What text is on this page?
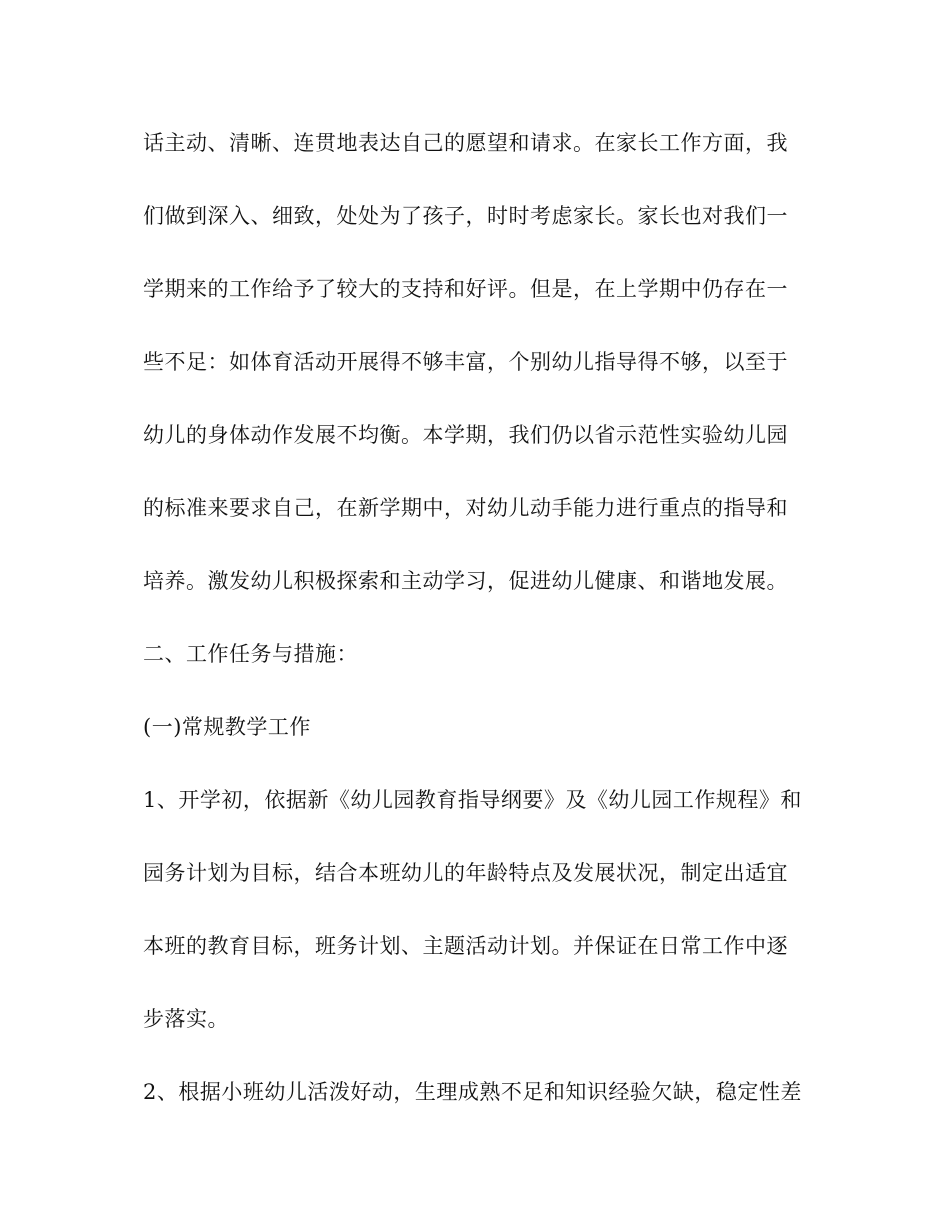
话主动、清晰、连贯地表达自己的愿望和请求。在家长工作方面，我
们做到深入、细致，处处为了孩子，时时考虑家长。家长也对我们一
学期来的工作给予了较大的支持和好评。但是，在上学期中仍存在一
些不足：如体育活动开展得不够丰富，个别幼儿指导得不够，以至于
幼儿的身体动作发展不均衡。本学期，我们仍以省示范性实验幼儿园
的标准来要求自己，在新学期中，对幼儿动手能力进行重点的指导和
培养。激发幼儿积极探索和主动学习，促进幼儿健康、和谐地发展。
二、工作任务与措施：
(一)常规教学工作
1、开学初，依据新《幼儿园教育指导纲要》及《幼儿园工作规程》和
园务计划为目标，结合本班幼儿的年龄特点及发展状况，制定出适宜
本班的教育目标，班务计划、主题活动计划。并保证在日常工作中逐
步落实。
2、根据小班幼儿活泼好动，生理成熟不足和知识经验欠缺，稳定性差
